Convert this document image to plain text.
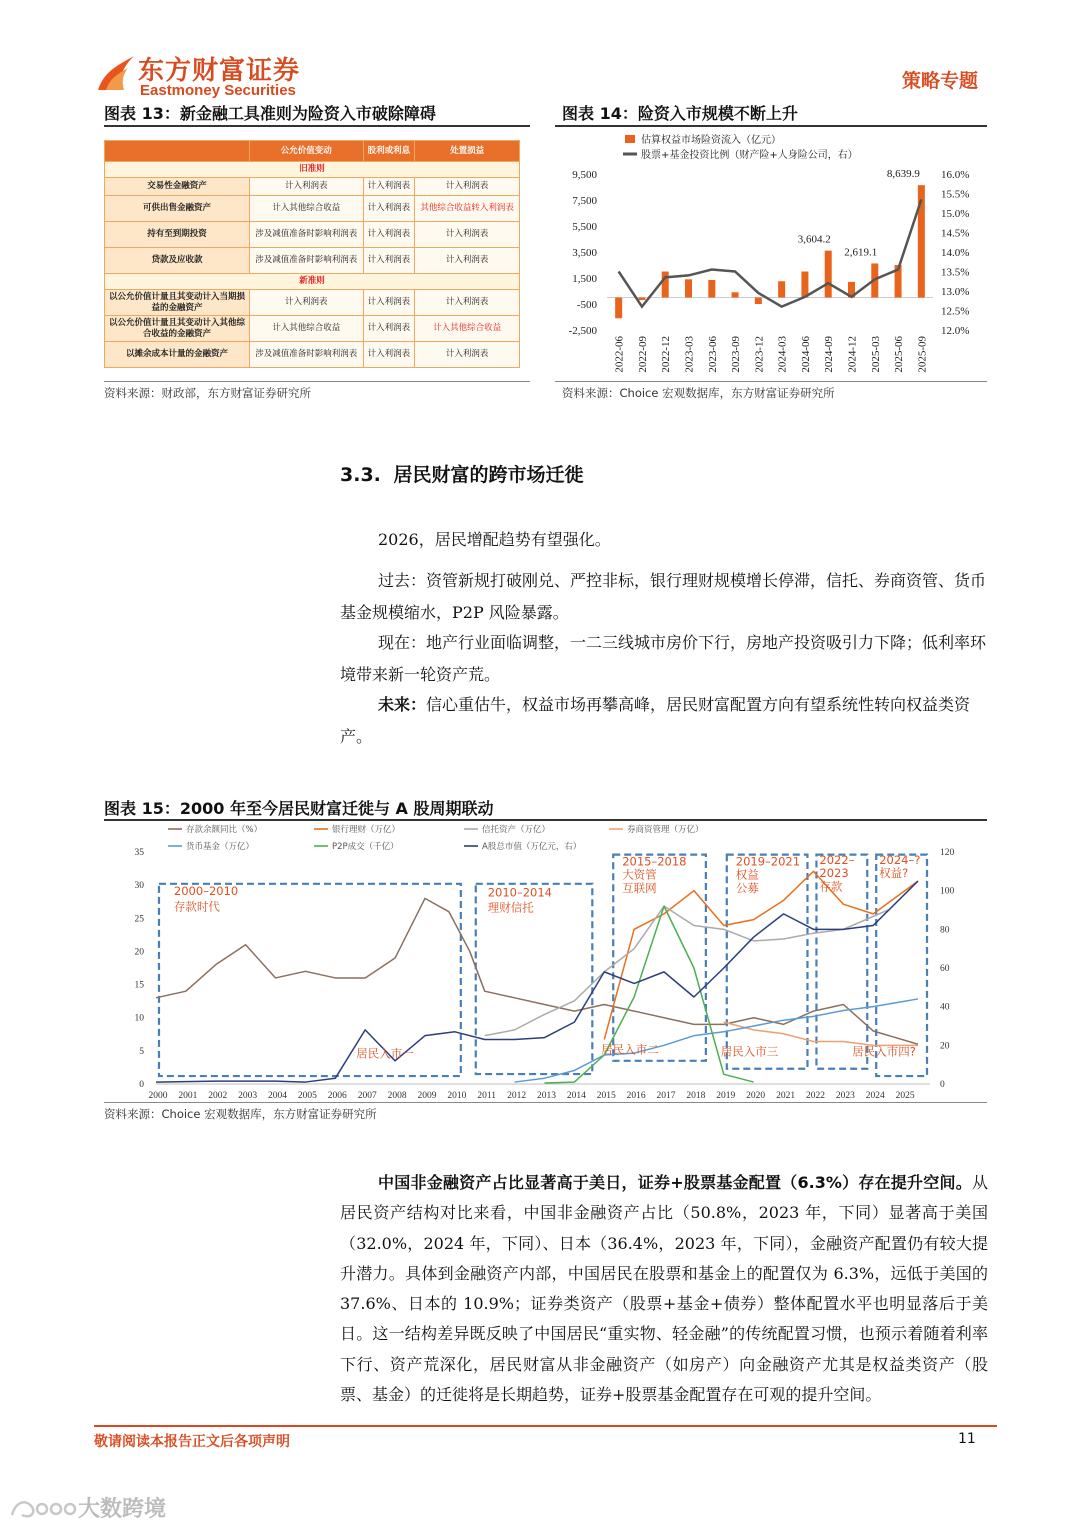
东方财富证券
Eastmoney Securities	策略专题
图表 13：新金融工具准则为险资入市破除障碍
	公允价值变动	股利或利息	处置损益
旧准则			
交易性金融资产	计入利润表	计入利润表	计入利润表
可供出售金融资产	计入其他综合收益	计入利润表	其他综合收益转入利润表
持有至到期投资	涉及减值准备时影响利润表	计入利润表	计入利润表
贷款及应收款	涉及减值准备时影响利润表	计入利润表	计入利润表
新准则			
以公允价值计量且其变动计入当期损益的金融资产	计入利润表	计入利润表	计入利润表
以公允价值计量且其变动计入其他综合收益的金融资产	计入其他综合收益	计入利润表	计入其他综合收益
以摊余成本计量的金融资产	涉及减值准备时影响利润表	计入利润表	计入利润表
资料来源：财政部，东方财富证券研究所
图表 14：险资入市规模不断上升
估算权益市场险资流入（亿元）
股票+基金投资比例（财产险+人身险公司，右）
9,500
7,500
5,500
3,500
1,500
-500
-2,500
16.0%
15.5%
15.0%
14.5%
14.0%
13.5%
13.0%
12.5%
12.0%
3,604.2
2,619.1
8,639.9
2022-06 2022-09 2022-12 2023-03 2023-06 2023-09 2023-12 2024-03 2024-06 2024-09 2024-12 2025-03 2025-06 2025-09
资料来源：Choice 宏观数据库，东方财富证券研究所
3.3. 居民财富的跨市场迁徙
2026，居民增配趋势有望强化。
过去：资管新规打破刚兑、严控非标，银行理财规模增长停滞，信托、券商资管、货币基金规模缩水，P2P 风险暴露。
现在：地产行业面临调整，一二三线城市房价下行，房地产投资吸引力下降；低利率环境带来新一轮资产荒。
未来：信心重估牛，权益市场再攀高峰，居民财富配置方向有望系统性转向权益类资产。
图表 15：2000 年至今居民财富迁徙与 A 股周期联动
存款余额同比（%）	银行理财（万亿）	信托资产（万亿）	券商资管理（万亿）
货币基金（万亿）	P2P成交（千亿）	A股总市值（万亿元，右）
35
30
25
20
15
10
5
0
120
100
80
60
40
20
0
2000 2001 2002 2003 2004 2005 2006 2007 2008 2009 2010 2011 2012 2013 2014 2015 2016 2017 2018 2019 2020 2021 2022 2023 2024 2025
2000–2010
存款时代
2010–2014
理财信托
2015–2018
大资管
互联网
2019–2021
权益
公募
2022–
2023
存款
2024–?
权益?
居民入市一	居民入市二	居民入市三	居民入市四?
资料来源：Choice 宏观数据库，东方财富证券研究所
中国非金融资产占比显著高于美日，证券+股票基金配置（6.3%）存在提升空间。从居民资产结构对比来看，中国非金融资产占比（50.8%，2023 年，下同）显著高于美国（32.0%，2024 年，下同）、日本（36.4%，2023 年，下同），金融资产配置仍有较大提升潜力。具体到金融资产内部，中国居民在股票和基金上的配置仅为 6.3%，远低于美国的 37.6%、日本的 10.9%；证券类资产（股票+基金+债券）整体配置水平也明显落后于美日。这一结构差异既反映了中国居民“重实物、轻金融”的传统配置习惯，也预示着随着利率下行、资产荒深化，居民财富从非金融资产（如房产）向金融资产尤其是权益类资产（股票、基金）的迁徙将是长期趋势，证券+股票基金配置存在可观的提升空间。
敬请阅读本报告正文后各项声明	11
大数跨境
